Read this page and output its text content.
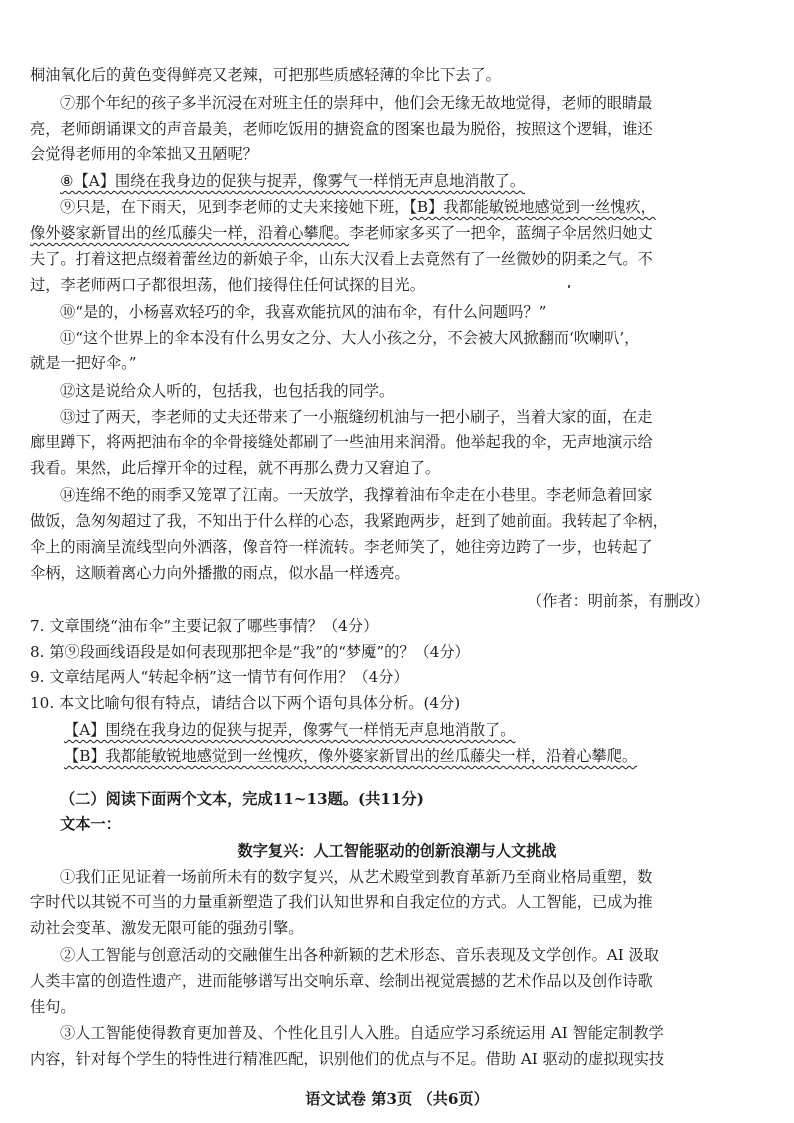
桐油氧化后的黄色变得鲜亮又老辣，可把那些质感轻薄的伞比下去了。
⑦那个年纪的孩子多半沉浸在对班主任的崇拜中，他们会无缘无故地觉得，老师的眼睛最
亮，老师朗诵课文的声音最美，老师吃饭用的搪瓷盒的图案也最为脱俗，按照这个逻辑，谁还
会觉得老师用的伞笨拙又丑陋呢？
⑧【A】围绕在我身边的促狭与捉弄，像雾气一样悄无声息地消散了。
⑨只是，在下雨天，见到李老师的丈夫来接她下班，【B】我都能敏锐地感觉到一丝愧疚，
像外婆家新冒出的丝瓜藤尖一样，沿着心攀爬。李老师家多买了一把伞，蓝绸子伞居然归她丈
夫了。打着这把点缀着蕾丝边的新娘子伞，山东大汉看上去竟然有了一丝微妙的阴柔之气。不
过，李老师两口子都很坦荡，他们接得住任何试探的目光。
⑩“是的，小杨喜欢轻巧的伞，我喜欢能抗风的油布伞，有什么问题吗？”
⑪“这个世界上的伞本没有什么男女之分、大人小孩之分，不会被大风掀翻而‘吹喇叭’，
就是一把好伞。”
⑫这是说给众人听的，包括我，也包括我的同学。
⑬过了两天，李老师的丈夫还带来了一小瓶缝纫机油与一把小刷子，当着大家的面，在走
廊里蹲下，将两把油布伞的伞骨接缝处都刷了一些油用来润滑。他举起我的伞，无声地演示给
我看。果然，此后撑开伞的过程，就不再那么费力又窘迫了。
⑭连绵不绝的雨季又笼罩了江南。一天放学，我撑着油布伞走在小巷里。李老师急着回家
做饭，急匆匆超过了我，不知出于什么样的心态，我紧跑两步，赶到了她前面。我转起了伞柄，
伞上的雨滴呈流线型向外洒落，像音符一样流转。李老师笑了，她往旁边跨了一步，也转起了
伞柄，这顺着离心力向外播撒的雨点，似水晶一样透亮。
（作者：明前茶，有删改）
7. 文章围绕“油布伞”主要记叙了哪些事情？（4分）
8. 第⑨段画线语段是如何表现那把伞是“我”的“梦魇”的？（4分）
9. 文章结尾两人“转起伞柄”这一情节有何作用？（4分）
10. 本文比喻句很有特点，请结合以下两个语句具体分析。(4分)
【A】围绕在我身边的促狭与捉弄，像雾气一样悄无声息地消散了。
【B】我都能敏锐地感觉到一丝愧疚，像外婆家新冒出的丝瓜藤尖一样，沿着心攀爬。
（二）阅读下面两个文本，完成11~13题。(共11分)
文本一：
数字复兴：人工智能驱动的创新浪潮与人文挑战
①我们正见证着一场前所未有的数字复兴，从艺术殿堂到教育革新乃至商业格局重塑，数
字时代以其锐不可当的力量重新塑造了我们认知世界和自我定位的方式。人工智能，已成为推
动社会变革、激发无限可能的强劲引擎。
②人工智能与创意活动的交融催生出各种新颖的艺术形态、音乐表现及文学创作。AI 汲取
人类丰富的创造性遗产，进而能够谱写出交响乐章、绘制出视觉震撼的艺术作品以及创作诗歌
佳句。
③人工智能使得教育更加普及、个性化且引人入胜。自适应学习系统运用 AI 智能定制教学
内容，针对每个学生的特性进行精准匹配，识别他们的优点与不足。借助 AI 驱动的虚拟现实技
语文试卷 第3页 （共6页）
